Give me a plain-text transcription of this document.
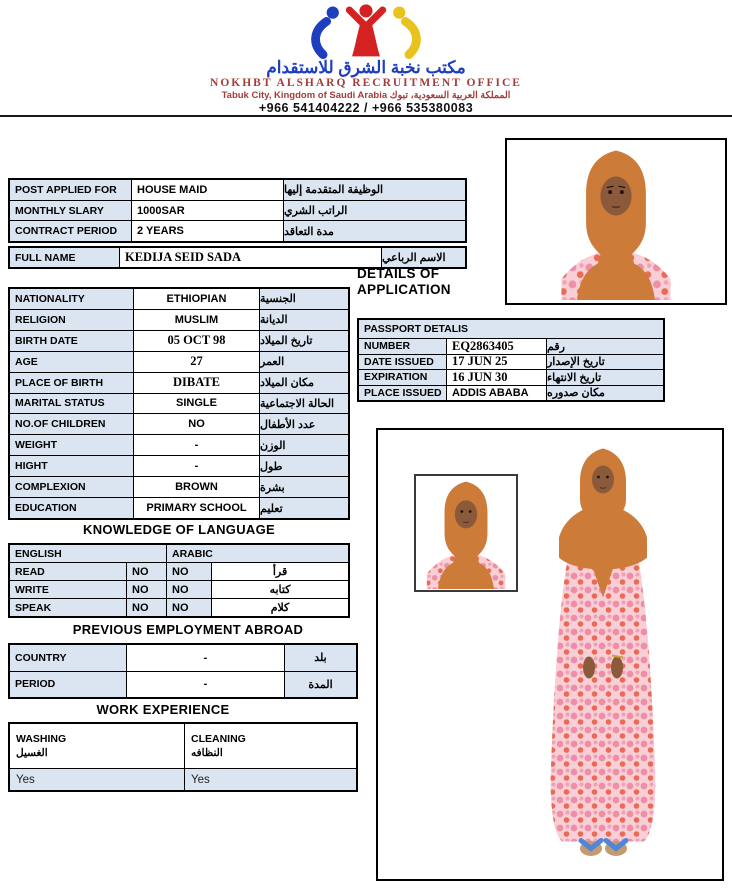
مكتب نخبة الشرق للاستقدام
NOKHBT ALSHARQ RECRUITMENT OFFICE
Tabuk City, Kingdom of Saudi Arabia المملكة العربية السعودية، تبوك
+966 541404222 / +966 535380083
POST APPLIED FOR	HOUSE MAID	الوظيفة المتقدمة إليها
MONTHLY SLARY	1000SAR	الراتب الشري
CONTRACT PERIOD	2 YEARS	مدة التعاقد
FULL NAME	KEDIJA SEID SADA	الاسم الرباعي
DETAILS OF
APPLICATION
NATIONALITY	ETHIOPIAN	الجنسية
RELIGION	MUSLIM	الديانة
BIRTH DATE	05 OCT 98	تاريخ الميلاد
AGE	27	العمر
PLACE OF BIRTH	DIBATE	مكان الميلاد
MARITAL STATUS	SINGLE	الحالة الاجتماعية
NO.OF CHILDREN	NO	عدد الأطفال
WEIGHT	-	الوزن
HIGHT	-	طول
COMPLEXION	BROWN	بشرة
EDUCATION	PRIMARY SCHOOL	تعليم
PASSPORT DETALIS
NUMBER	EQ2863405	رقم
DATE ISSUED	17 JUN 25	تاريخ الإصدار
EXPIRATION	16 JUN 30	تاريخ الانتهاء
PLACE ISSUED ADDIS ABABA	مكان صدوره
KNOWLEDGE OF LANGUAGE
ENGLISH	ARABIC
READ	NO	NO	قرأ
WRITE	NO	NO	كتابه
SPEAK	NO	NO	كلام
PREVIOUS EMPLOYMENT ABROAD
COUNTRY	-	بلد
PERIOD	-	المدة
WORK EXPERIENCE
WASHING
الغسيل
CLEANING
النظافه
Yes	Yes
